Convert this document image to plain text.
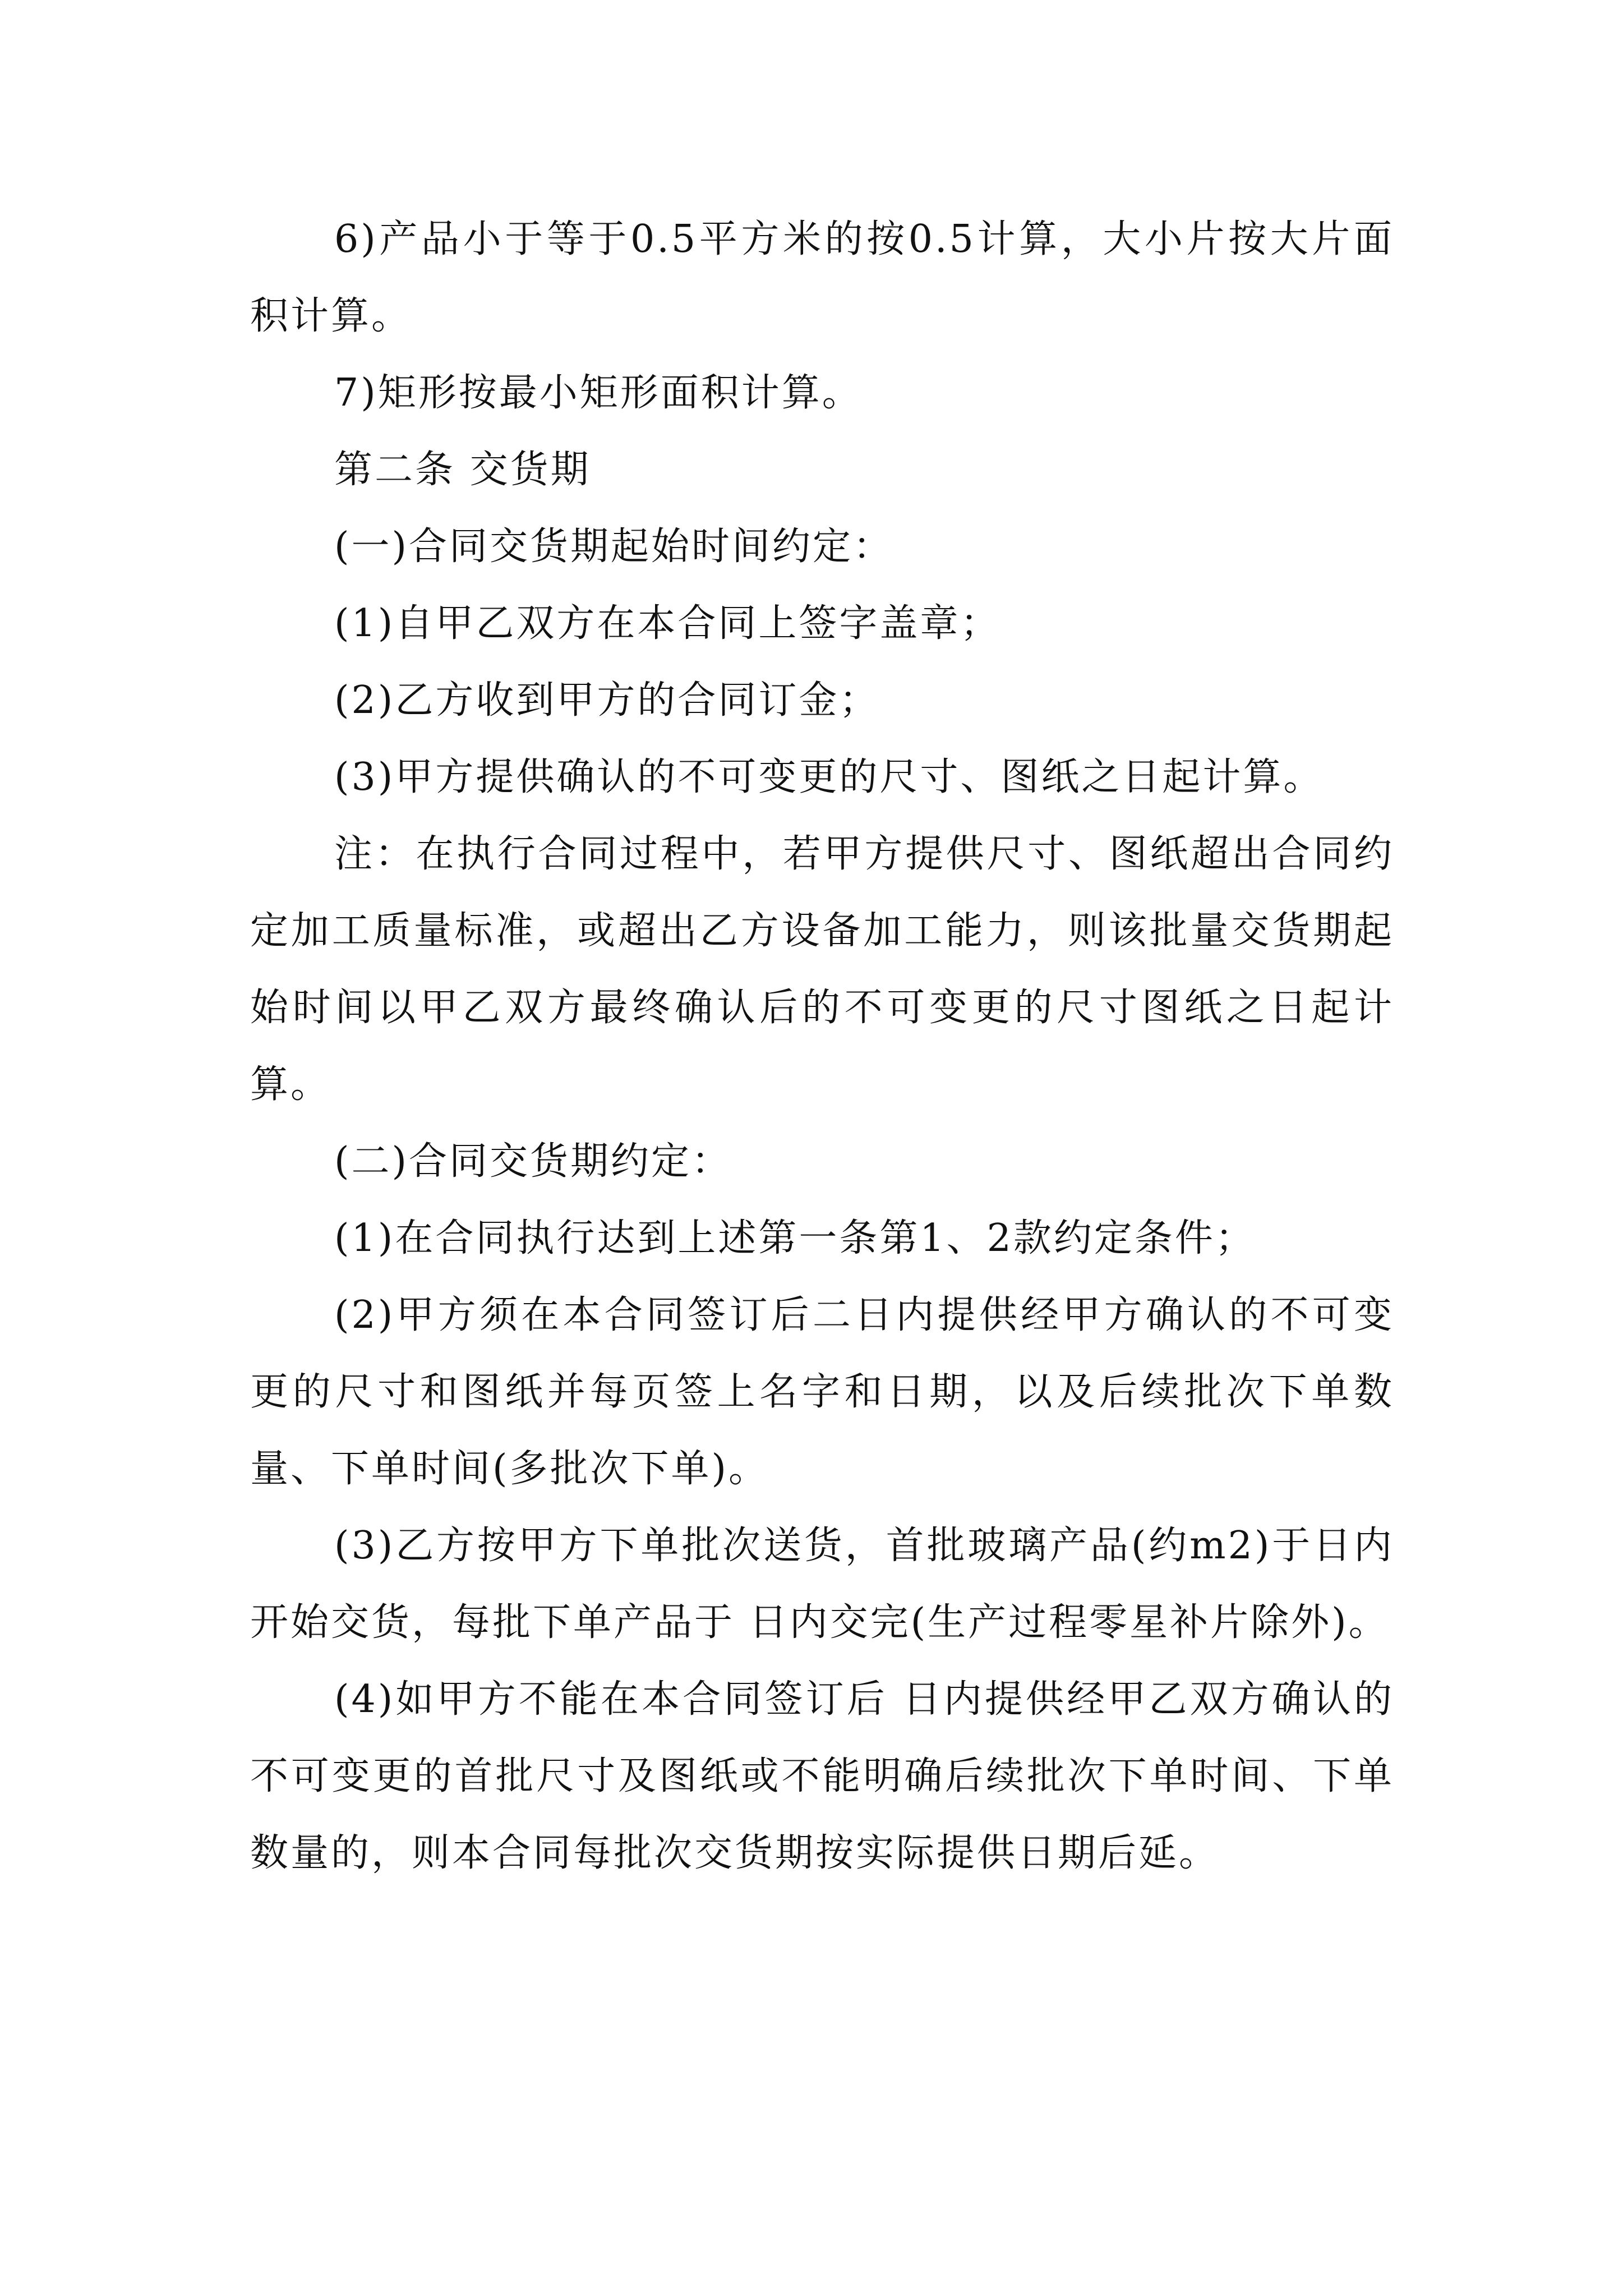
6)产品小于等于0.5平方米的按0.5计算，大小片按大片面积计算。

7)矩形按最小矩形面积计算。

第二条 交货期

(一)合同交货期起始时间约定：

(1)自甲乙双方在本合同上签字盖章；

(2)乙方收到甲方的合同订金；

(3)甲方提供确认的不可变更的尺寸、图纸之日起计算。

注：在执行合同过程中，若甲方提供尺寸、图纸超出合同约定加工质量标准，或超出乙方设备加工能力，则该批量交货期起始时间以甲乙双方最终确认后的不可变更的尺寸图纸之日起计算。

(二)合同交货期约定：

(1)在合同执行达到上述第一条第1、2款约定条件；

(2)甲方须在本合同签订后二日内提供经甲方确认的不可变更的尺寸和图纸并每页签上名字和日期，以及后续批次下单数量、下单时间(多批次下单)。

(3)乙方按甲方下单批次送货，首批玻璃产品(约m2)于日内开始交货，每批下单产品于 日内交完(生产过程零星补片除外)。

(4)如甲方不能在本合同签订后 日内提供经甲乙双方确认的不可变更的首批尺寸及图纸或不能明确后续批次下单时间、下单数量的，则本合同每批次交货期按实际提供日期后延。
